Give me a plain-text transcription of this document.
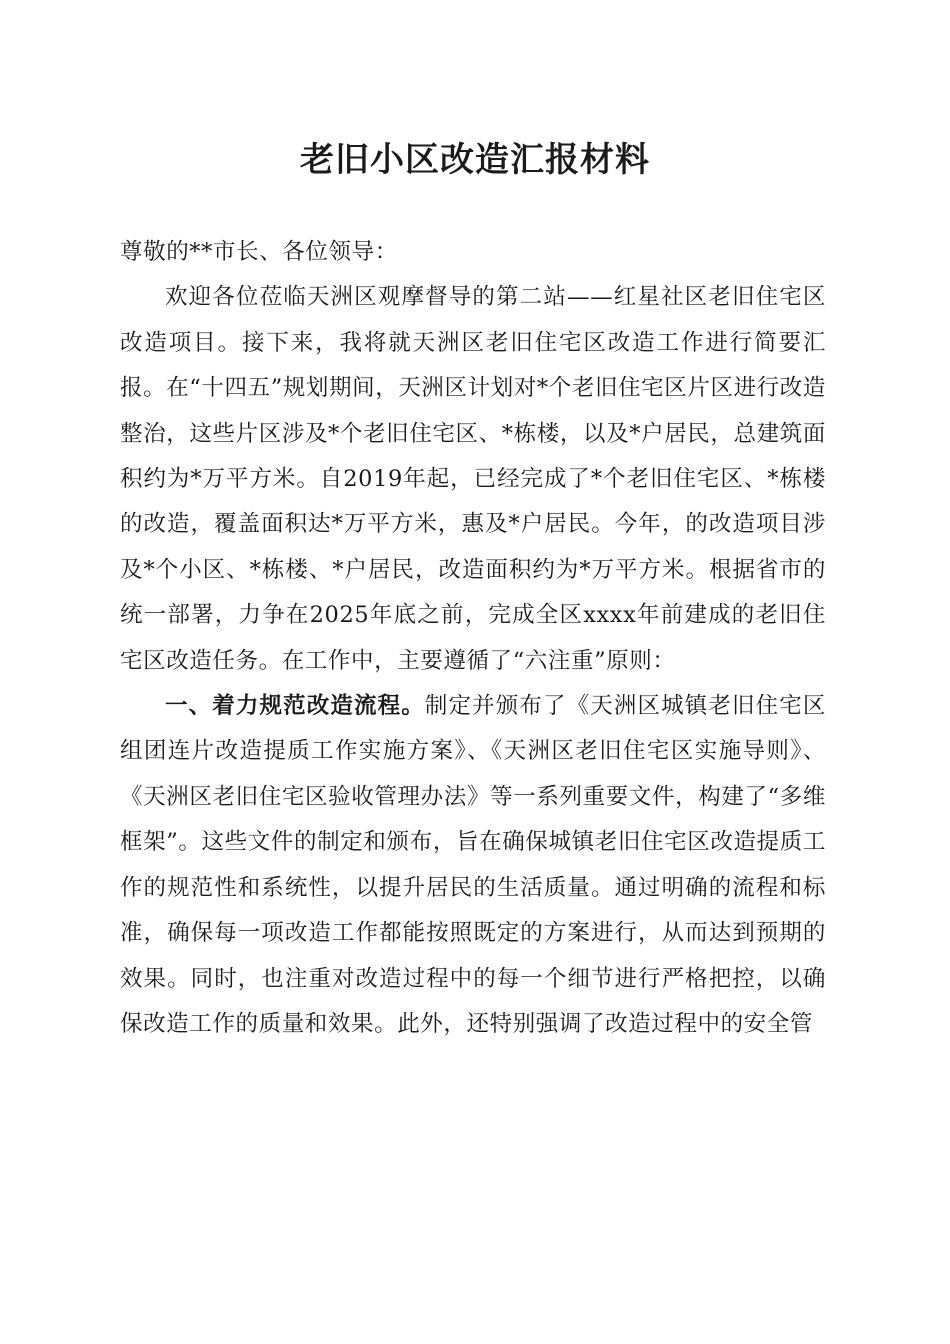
老旧小区改造汇报材料

尊敬的**市长、各位领导：

欢迎各位莅临天洲区观摩督导的第二站——红星社区老旧住宅区改造项目。接下来，我将就天洲区老旧住宅区改造工作进行简要汇报。在“十四五”规划期间，天洲区计划对*个老旧住宅区片区进行改造整治，这些片区涉及*个老旧住宅区、*栋楼，以及*户居民，总建筑面积约为*万平方米。自2019年起，已经完成了*个老旧住宅区、*栋楼的改造，覆盖面积达*万平方米，惠及*户居民。今年，的改造项目涉及*个小区、*栋楼、*户居民，改造面积约为*万平方米。根据省市的统一部署，力争在2025年底之前，完成全区xxxx年前建成的老旧住宅区改造任务。在工作中，主要遵循了“六注重”原则：

一、着力规范改造流程。制定并颁布了《天洲区城镇老旧住宅区组团连片改造提质工作实施方案》、《天洲区老旧住宅区实施导则》、《天洲区老旧住宅区验收管理办法》等一系列重要文件，构建了“多维框架”。这些文件的制定和颁布，旨在确保城镇老旧住宅区改造提质工作的规范性和系统性，以提升居民的生活质量。通过明确的流程和标准，确保每一项改造工作都能按照既定的方案进行，从而达到预期的效果。同时，也注重对改造过程中的每一个细节进行严格把控，以确保改造工作的质量和效果。此外，还特别强调了改造过程中的安全管
